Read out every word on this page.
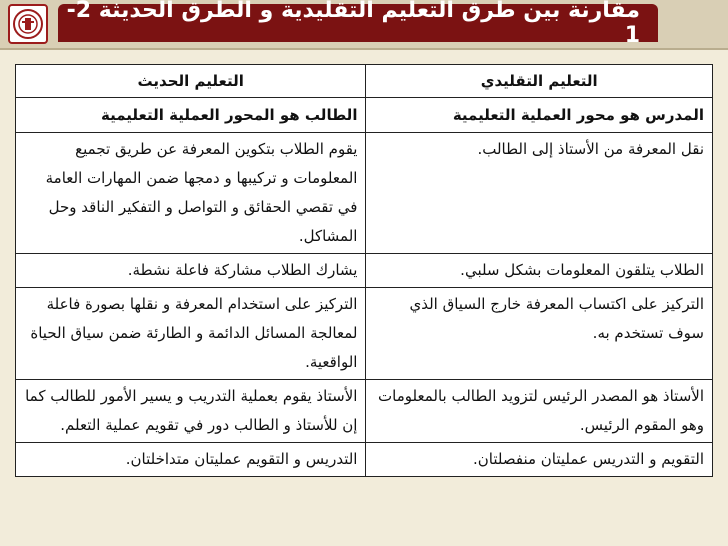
مقارنة بين طرق التعليم التقليدية و الطرق الحديثة 2-1
التعليم التقليدي	التعليم الحديث
المدرس هو محور العملية التعليمية	الطالب هو المحور العملية التعليمية
نقل المعرفة من الأستاذ إلى الطالب.	يقوم الطلاب بتكوين المعرفة عن طريق تجميع المعلومات و تركيبها و دمجها ضمن المهارات العامة في تقصي الحقائق و التواصل و التفكير الناقد وحل المشاكل.
الطلاب يتلقون المعلومات بشكل سلبي.	يشارك الطلاب مشاركة فاعلة نشطة.
التركيز على اكتساب المعرفة خارج السياق الذي سوف تستخدم به.	التركيز على استخدام المعرفة و نقلها بصورة فاعلة لمعالجة المسائل الدائمة و الطارئة ضمن سياق الحياة الواقعية.
الأستاذ هو المصدر الرئيس لتزويد الطالب بالمعلومات وهو المقوم الرئيس.	الأستاذ يقوم بعملية التدريب و يسير الأمور للطالب كما إن للأستاذ و الطالب دور في تقويم عملية التعلم.
التقويم و التدريس عمليتان منفصلتان.	التدريس و التقويم عمليتان متداخلتان.
